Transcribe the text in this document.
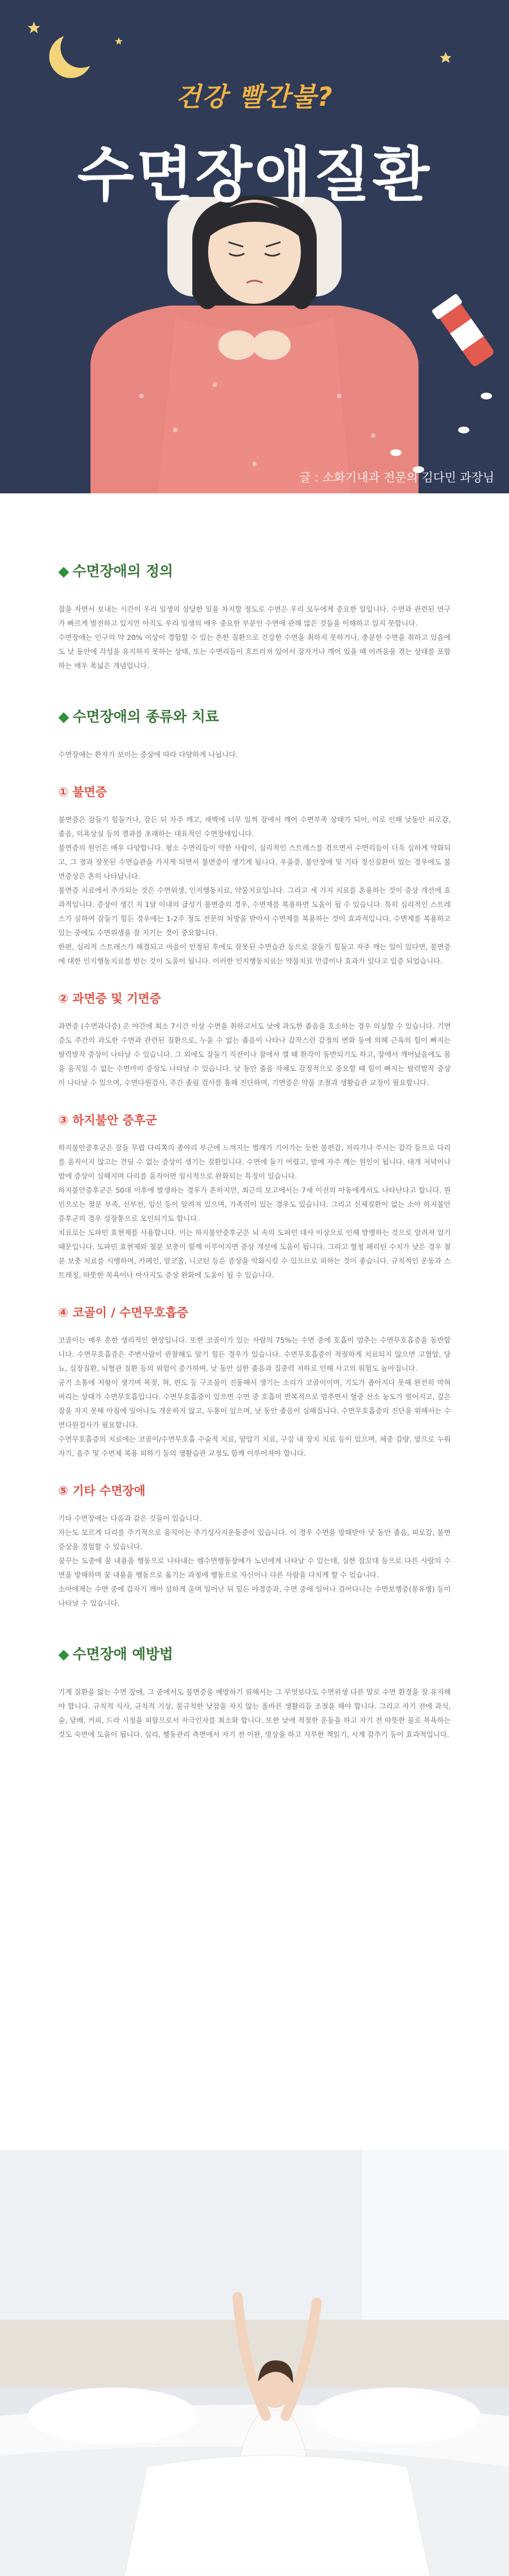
건강 빨간불?
수면장애질환
글 : 소화기내과 전문의 김다민 과장님
◆ 수면장애의 정의

잠을 자면서 보내는 시간이 우리 일생의 상당한 일을 차지할 정도로 수면은 우리 모두에게 중요한 일입니다. 수면과 관련된 연구가 빠르게 발전하고 있지만 아직도 우리 일생의 매우 중요한 부분인 수면에 관해 많은 것들을 이해하고 있지 못합니다.

수면장애는 인구의 약 20% 이상이 경험할 수 있는 흔한 질환으로 건강한 수면을 취하지 못하거나, 충분한 수면을 취하고 있음에도 낮 동안에 각성을 유지하지 못하는 상태, 또는 수면리듬이 흐트러져 있어서 잠자거나 깨어 있을 때 어려움을 겪는 상태를 포함하는 매우 폭넓은 개념입니다.

◆ 수면장애의 종류와 치료

수면장애는 환자가 보이는 증상에 따라 다양하게 나뉩니다.

① 불면증

불면증은 잠들기 힘들거나, 잠든 뒤 자주 깨고, 새벽에 너무 일찍 잠에서 깨어 수면부족 상태가 되어, 이로 인해 낮동안 피로감, 졸음, 의욕상실 등의 결과를 초래하는 대표적인 수면장애입니다.

불면증의 원인은 매우 다양합니다. 평소 수면리듬이 약한 사람이, 심리적인 스트레스를 겪으면서 수면리듬이 더욱 심하게 약화되고, 그 결과 잘못된 수면습관을 가지게 되면서 불면증이 생기게 됩니다. 우울증, 불안장애 및 기타 정신질환이 있는 경우에도 불면증상은 흔히 나타납니다.

불면증 치료에서 추가되는 것은 수면위생, 인지행동치료, 약물치료입니다. 그리고 세 가지 치료를 혼용하는 것이 증상 개선에 효과적입니다. 증상이 생긴 지 1달 이내의 급성기 불면증의 경우, 수면제를 복용하면 도움이 될 수 있습니다. 특히 심리적인 스트레스가 심하여 잠들기 힘든 경우에는 1-2주 정도 전문의 처방을 받아서 수면제를 복용하는 것이 효과적입니다. 수면제를 복용하고 있는 중에도 수면위생을 잘 지키는 것이 중요합니다.

한편, 심리적 스트레스가 해결되고 마음이 안정된 후에도 잘못된 수면습관 등으로 잠들기 힘들고 자주 깨는 일이 있다면, 불면증에 대한 인지행동치료를 받는 것이 도움이 됩니다. 이러한 인지행동치료는 약물치료 만큼이나 효과가 있다고 입증 되었습니다.

② 과면증 및 기면증

과면증 (수면과다증) 은 야간에 최소 7시간 이상 수면을 취하고서도 낮에 과도한 졸음을 호소하는 경우 의심할 수 있습니다. 기면증도 주간의 과도한 수면과 관련된 질환으로, 누울 수 없는 졸음이 나타나 갑작스런 감정의 변화 등에 의해 근육의 힘이 빠지는 탈력발작 증상이 나타날 수 있습니다. 그 외에도 잠들기 직전이나 잠에서 깰 때 환각이 동반되기도 하고, 잠에서 깨어났음에도 몸을 움직일 수 없는 수면마비 증상도 나타날 수 있습니다. 낮 동안 졸음 자체도 감정적으로 중요할 때 힘이 빠지는 탈력발작 증상이 나타날 수 있으며, 수면다원검사, 주간 졸림 검사를 통해 진단하며, 기면증은 약물 조절과 생활습관 교정이 필요합니다.

③ 하지불안 증후군

하지불안증후군은 잠들 무렵 다리쪽의 종아리 부근에 느껴지는 벌레가 기어가는 듯한 불편감, 저리거나 쑤시는 감각 등으로 다리를 움직이지 않고는 견딜 수 없는 증상이 생기는 질환입니다. 수면에 들기 어렵고, 밤에 자주 깨는 원인이 됩니다. 대개 저녁이나 밤에 증상이 심해지며 다리를 움직이면 일시적으로 완화되는 특징이 있습니다.

하지불안증후군은 50대 이후에 발생하는 경우가 흔하지만, 최근의 보고에서는 7세 이전의 아동에게서도 나타난다고 합니다. 원인으로는 철분 부족, 신부전, 임신 등이 알려져 있으며, 가족력이 있는 경우도 있습니다. 그리고 신체질환이 없는 소아 하지불안증후군의 경우 성장통으로 오인되기도 합니다.

치료로는 도파민 효현제를 사용합니다. 이는 하지불안증후군은 뇌 속의 도파민 대사 이상으로 인해 발병하는 것으로 알려져 있기 때문입니다. 도파민 효현제와 철분 보충이 함께 이루어지면 증상 개선에 도움이 됩니다. 그리고 혈청 페리틴 수치가 낮은 경우 철분 보충 치료를 시행하며, 카페인, 알코올, 니코틴 등은 증상을 악화시킬 수 있으므로 피하는 것이 좋습니다. 규칙적인 운동과 스트레칭, 따뜻한 목욕이나 마사지도 증상 완화에 도움이 될 수 있습니다.

④ 코골이 / 수면무호흡증

코골이는 매우 흔한 생리적인 현상입니다. 또한 코골이가 있는 사람의 75%는 수면 중에 호흡이 멈추는 수면무호흡증을 동반합니다. 수면무호흡증은 주변사람이 관찰해도 알기 힘든 경우가 있습니다. 수면무호흡증이 적절하게 치료되지 않으면 고혈압, 당뇨, 심장질환, 뇌혈관 질환 등의 위험이 증가하며, 낮 동안 심한 졸음과 집중력 저하로 인해 사고의 위험도 높아집니다.

공기 소통에 저항이 생기며 목젖, 혀, 편도 등 구조물이 진동해서 생기는 소리가 코골이이며, 기도가 좁아지다 못해 완전히 막혀버리는 상태가 수면무호흡입니다. 수면무호흡증이 있으면 수면 중 호흡이 반복적으로 멈추면서 혈중 산소 농도가 떨어지고, 깊은 잠을 자지 못해 아침에 일어나도 개운하지 않고, 두통이 있으며, 낮 동안 졸음이 심해집니다. 수면무호흡증의 진단을 위해서는 수면다원검사가 필요합니다.

수면무호흡증의 치료에는 코골이/수면무호흡 수술적 치료, 양압기 치료, 구강 내 장치 치료 등이 있으며, 체중 감량, 옆으로 누워 자기, 음주 및 수면제 복용 피하기 등의 생활습관 교정도 함께 이루어져야 합니다.

⑤ 기타 수면장애

기타 수면장애는 다음과 같은 것들이 있습니다.

자는도 모르게 다리를 주기적으로 움직이는 주기성사지운동증이 있습니다. 이 경우 수면을 방해받아 낮 동안 졸음, 피로감, 불면증상을 경험할 수 있습니다.

꿈꾸는 도중에 꿈 내용을 행동으로 나타내는 렘수면행동장애가 노년에게 나타날 수 있는데, 실한 잠꼬대 등으로 다른 사람의 수면을 방해하며 꿈 내용을 행동으로 옮기는 과정에 행동으로 자신이나 다른 사람을 다치게 할 수 있습니다.

소아에게는 수면 중에 갑자기 깨어 심하게 울며 일어난 뒤 힘든 야경증과, 수면 중에 일어나 걸어다니는 수면보행증(몽유병) 등이 나타날 수 있습니다.

◆ 수면장애 예방법

기계 질환을 앓는 수면 장애, 그 중에서도 불면증을 예방하기 위해서는 그 무엇보다도 수면위생 다른 말로 수면 환경을 잘 유지해야 합니다. 규칙적 식사, 규칙적 기상, 불규칙한 낮잠을 자지 않는 올바른 생활리듬 조절을 해야 합니다. 그리고 자기 전에 과식, 술, 담배, 커피, 드라 시청을 피함으로서 자극인자를 최소화 합니다. 또한 낮에 적절한 운동을 하고 자기 전 따뜻한 물로 목욕하는 것도 숙면에 도움이 됩니다. 심리, 행동관리 측면에서 자기 전 이완, 명상을 하고 지루한 책읽기, 시계 감추기 등이 효과적입니다.
